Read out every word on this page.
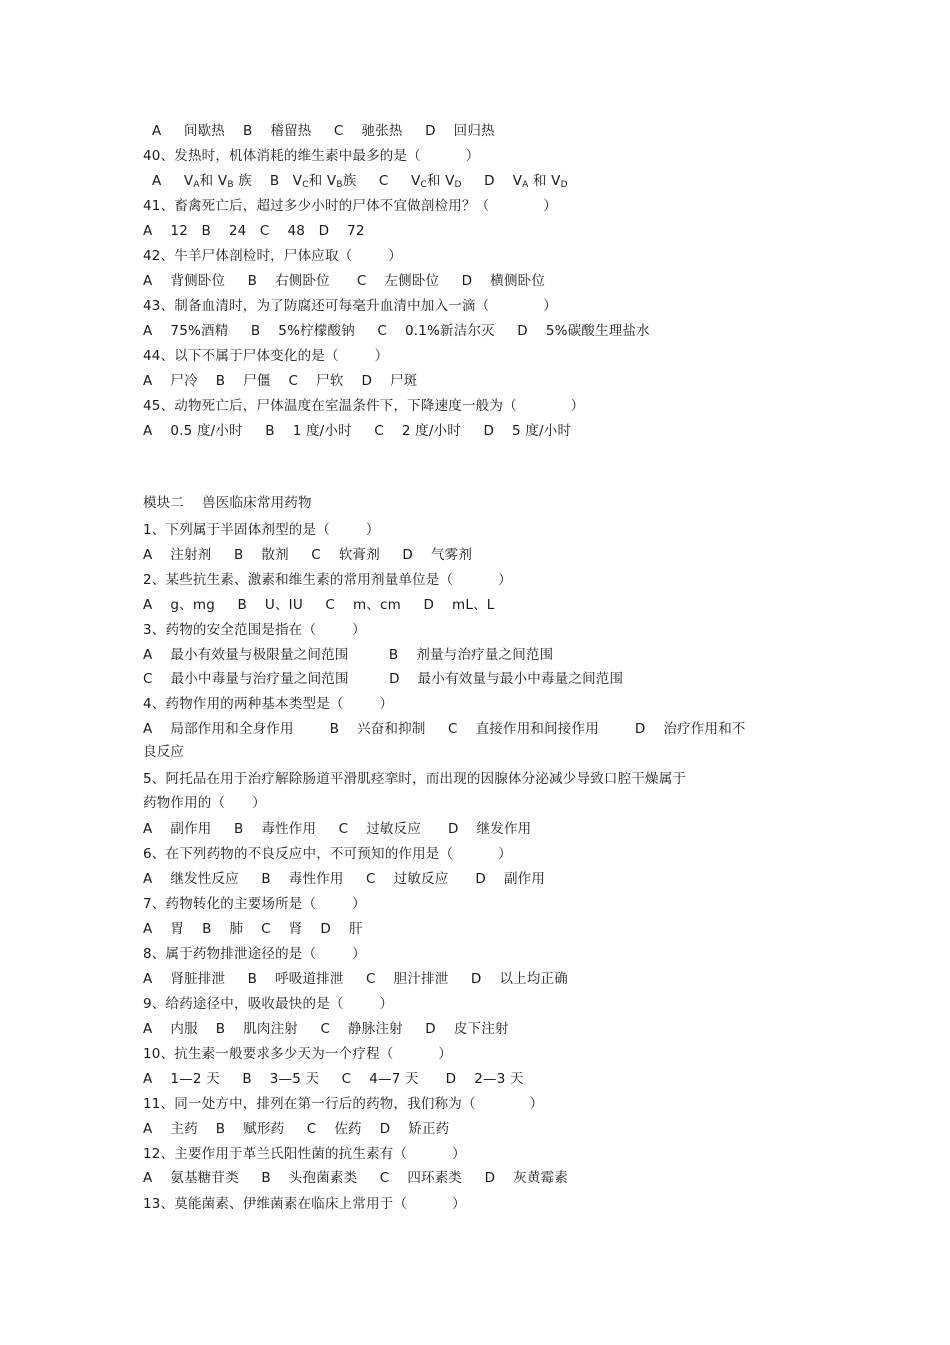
A     间歇热    B    稽留热     C    驰张热     D    回归热
40、发热时，机体消耗的维生素中最多的是（          ）
A     $V_A$和 $V_B$ 族    B   $V_C$和 $V_B$族     C     $V_C$和 $V_D$     D    $V_A$ 和 $V_D$
41、畜禽死亡后，超过多少小时的尸体不宜做剖检用？（            ）
A    12   B    24   C    48   D    72
42、牛羊尸体剖检时，尸体应取（        ）
A    背侧卧位     B    右侧卧位      C    左侧卧位     D    横侧卧位
43、制备血清时，为了防腐还可每毫升血清中加入一滴（            ）
A    75%酒精     B    5%柠檬酸钠     C    0.1%新洁尔灭     D    5%碳酸生理盐水
44、以下不属于尸体变化的是（        ）
A    尸冷    B    尸僵    C    尸软    D    尸斑
45、动物死亡后，尸体温度在室温条件下，下降速度一般为（            ）
A    0.5 度/小时     B    1 度/小时     C    2 度/小时     D    5 度/小时
模块二    兽医临床常用药物
1、下列属于半固体剂型的是（        ）
A    注射剂     B    散剂     C    软膏剂     D    气雾剂
2、某些抗生素、激素和维生素的常用剂量单位是（          ）
A    g、mg     B    U、IU     C    m、cm     D    mL、L
3、药物的安全范围是指在（        ）
A    最小有效量与极限量之间范围         B    剂量与治疗量之间范围
C    最小中毒量与治疗量之间范围         D    最小有效量与最小中毒量之间范围
4、药物作用的两种基本类型是（        ）
A    局部作用和全身作用        B    兴奋和抑制     C    直接作用和间接作用        D    治疗作用和不
良反应
5、阿托品在用于治疗解除肠道平滑肌痉挛时，而出现的因腺体分泌减少导致口腔干燥属于
药物作用的（      ）
A    副作用     B    毒性作用     C    过敏反应      D    继发作用
6、在下列药物的不良反应中，不可预知的作用是（          ）
A    继发性反应     B    毒性作用     C    过敏反应      D    副作用
7、药物转化的主要场所是（        ）
A    胃    B    肺    C    肾    D    肝
8、属于药物排泄途径的是（        ）
A    肾脏排泄     B    呼吸道排泄     C    胆汁排泄     D    以上均正确
9、给药途径中，吸收最快的是（        ）
A    内服    B    肌肉注射     C    静脉注射     D    皮下注射
10、抗生素一般要求多少天为一个疗程（          ）
A    1—2 天     B    3—5 天     C    4—7 天      D    2—3 天
11、同一处方中，排列在第一行后的药物，我们称为（            ）
A    主药    B    赋形药     C    佐药    D    矫正药
12、主要作用于革兰氏阳性菌的抗生素有（          ）
A    氨基糖苷类     B    头孢菌素类     C    四环素类     D    灰黄霉素
13、莫能菌素、伊维菌素在临床上常用于（          ）
